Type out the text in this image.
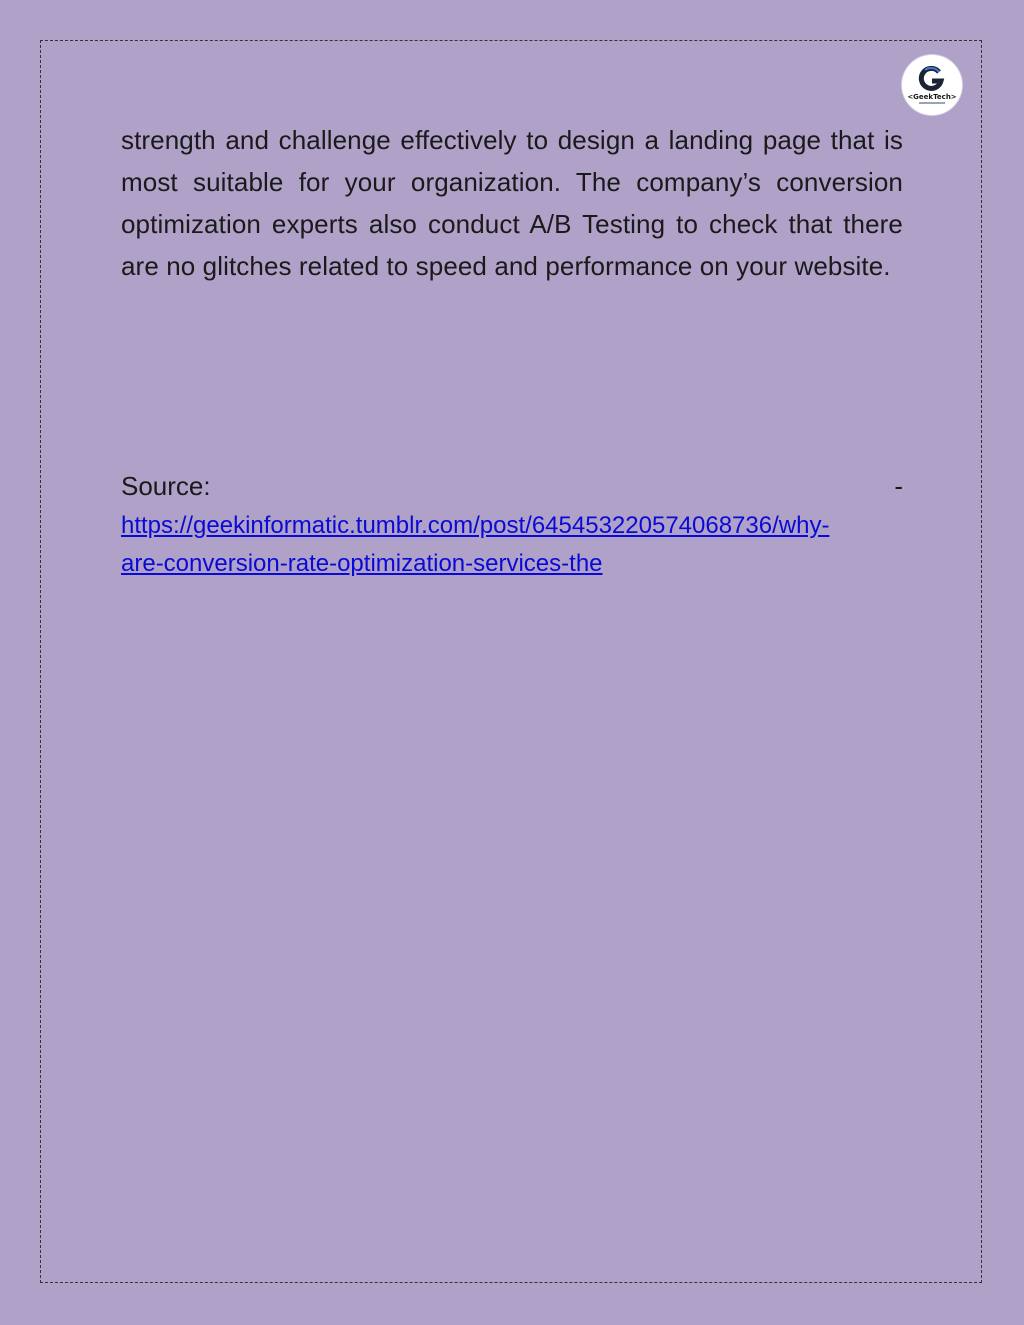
<GeekTech>

strength and challenge effectively to design a landing page that is most suitable for your organization. The company’s conversion optimization experts also conduct A/B Testing to check that there are no glitches related to speed and performance on your website.

Source:	-

https://geekinformatic.tumblr.com/post/645453220574068736/why-
are-conversion-rate-optimization-services-the
